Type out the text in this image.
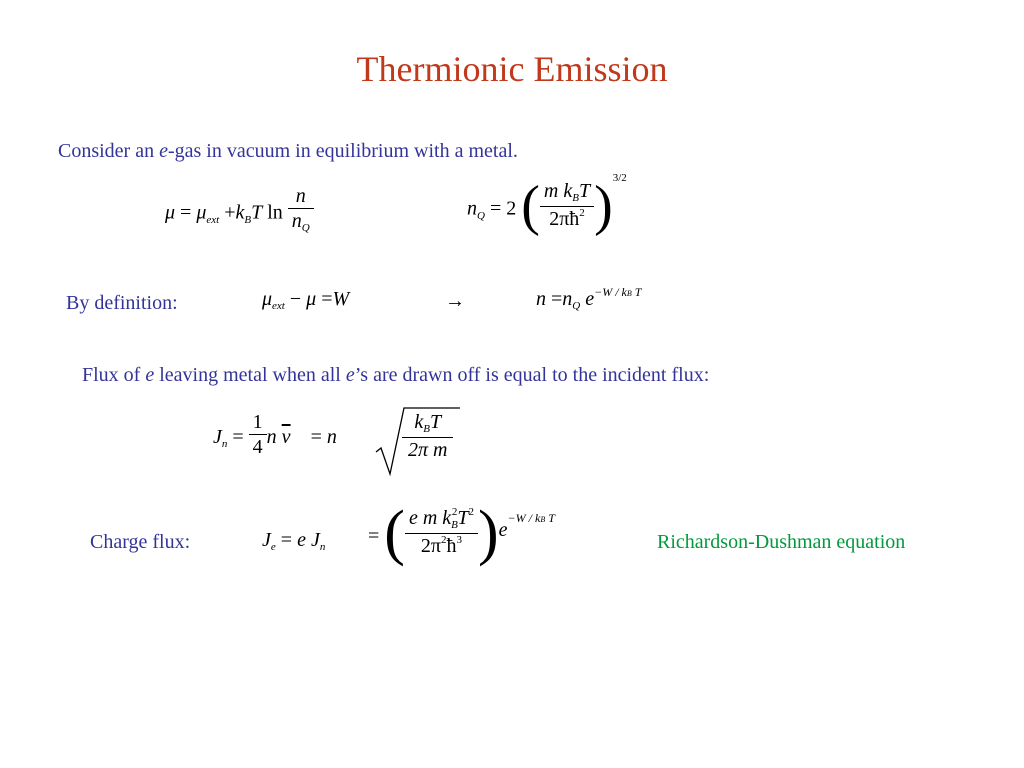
Thermionic Emission
Consider an e-gas in vacuum in equilibrium with a metal.
$\mu = \mu_{ext} +k_BT$ $\ln \frac{n}{n_Q}$	$n_Q = 2$ ( $\frac{m k_BT}{2\pi ħ^2} )^{3/2}$
By definition:	$\mu_{ext} - \mu =W$	→	$n =n_Q$ $e^{-W / kB T}$
Flux of e leaving metal when all e’s are drawn off is equal to the incident flux:
$J_n = \frac{1}{4}$ n $\overline{v} = n$	$\frac{k_BT}{\text{2π m}}$
Charge flux:	$J_e = e$ $J_n$
= ( $\frac{e m k_B^2T^2}{2\pi^2ħ^3} )e^{-W / kB T}$
Richardson-Dushman equation
